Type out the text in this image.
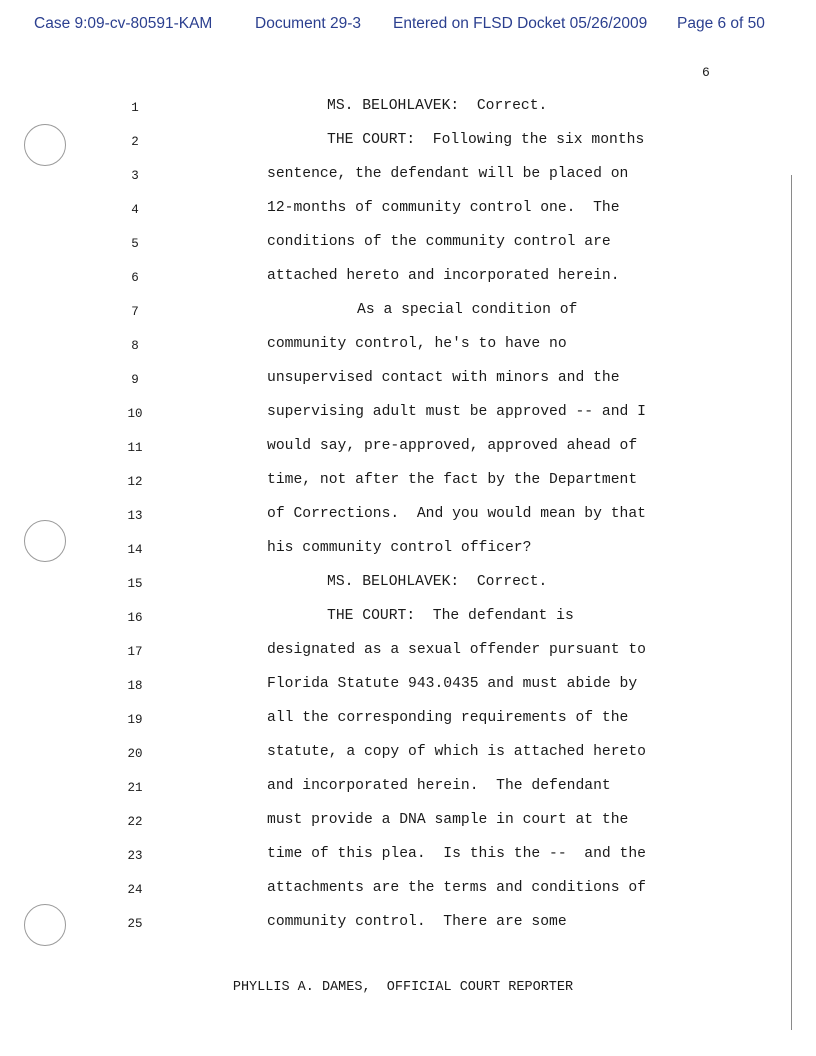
Case 9:09-cv-80591-KAM	Document 29-3 Entered on FLSD Docket 05/26/2009 Page 6 of 50
6
1	MS. BELOHLAVEK:  Correct.
2	THE COURT:  Following the six months
3	sentence, the defendant will be placed on
4	12-months of community control one.  The
5	conditions of the community control are
6	attached hereto and incorporated herein.
7	As a special condition of
8	community control, he's to have no
9	unsupervised contact with minors and the
10	supervising adult must be approved -- and I
11	would say, pre-approved, approved ahead of
12	time, not after the fact by the Department
13	of Corrections.  And you would mean by that
14	his community control officer?
15	MS. BELOHLAVEK:  Correct.
16	THE COURT:  The defendant is
17	designated as a sexual offender pursuant to
18	Florida Statute 943.0435 and must abide by
19	all the corresponding requirements of the
20	statute, a copy of which is attached hereto
21	and incorporated herein.  The defendant
22	must provide a DNA sample in court at the
23	time of this plea.  Is this the --  and the
24	attachments are the terms and conditions of
25	community control.  There are some
PHYLLIS A. DAMES,  OFFICIAL COURT REPORTER
